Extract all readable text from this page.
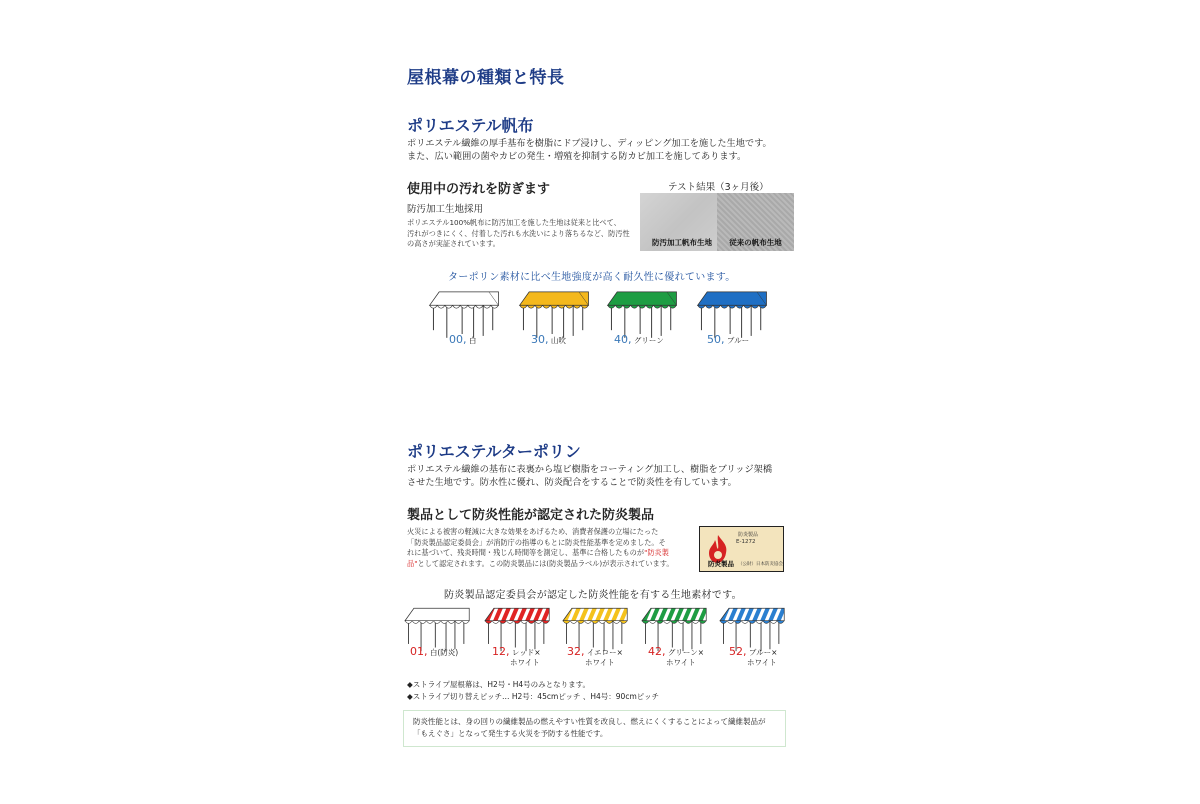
屋根幕の種類と特長
ポリエステル帆布
ポリエステル繊維の厚手基布を樹脂にドブ浸けし、ディッピング加工を施した生地です。
また、広い範囲の菌やカビの発生・増殖を抑制する防カビ加工を施してあります。
使用中の汚れを防ぎます
防汚加工生地採用
ポリエステル100%帆布に防汚加工を施した生地は従来と比べて、
汚れがつきにくく、付着した汚れも水洗いにより落ちるなど、防汚性
の高さが実証されています。
テスト結果（3ヶ月後）
防汚加工帆布生地	従来の帆布生地
ターポリン素材に比べ生地強度が高く耐久性に優れています。
00, 白	30, 山吹	40, グリーン	50, ブルー
ポリエステルターポリン
ポリエステル繊維の基布に表裏から塩ビ樹脂をコーティング加工し、樹脂をブリッジ架橋
させた生地です。防水性に優れ、防炎配合をすることで防炎性を有しています。
製品として防炎性能が認定された防炎製品
火災による被害の軽減に大きな効果をあげるため、消費者保護の立場にたった
「防炎製品認定委員会」が消防庁の指導のもとに防炎性能基準を定めました。そ
れに基づいて、残炎時間・残じん時間等を測定し、基準に合格したものが"防炎製
品"として認定されます。この防炎製品には(防炎製品ラベル)が表示されています。
防炎製品
E-1272
防炎製品 （公財）日本防炎協会
防炎製品認定委員会が認定した防炎性能を有する生地素材です。
01, 白(防炎)	12, レッド×
ホワイト
32, イエロー×
ホワイト
42, グリーン×
ホワイト
52, ブルー×
ホワイト
◆ストライプ屋根幕は、H2号・H4号のみとなります。
◆ストライプ切り替えピッチ… H2号：45cmピッチ 、H4号：90cmピッチ
防炎性能とは、身の回りの繊維製品の燃えやすい性質を改良し、燃えにくくすることによって繊維製品が
「もえぐさ」となって発生する火災を予防する性能です。
